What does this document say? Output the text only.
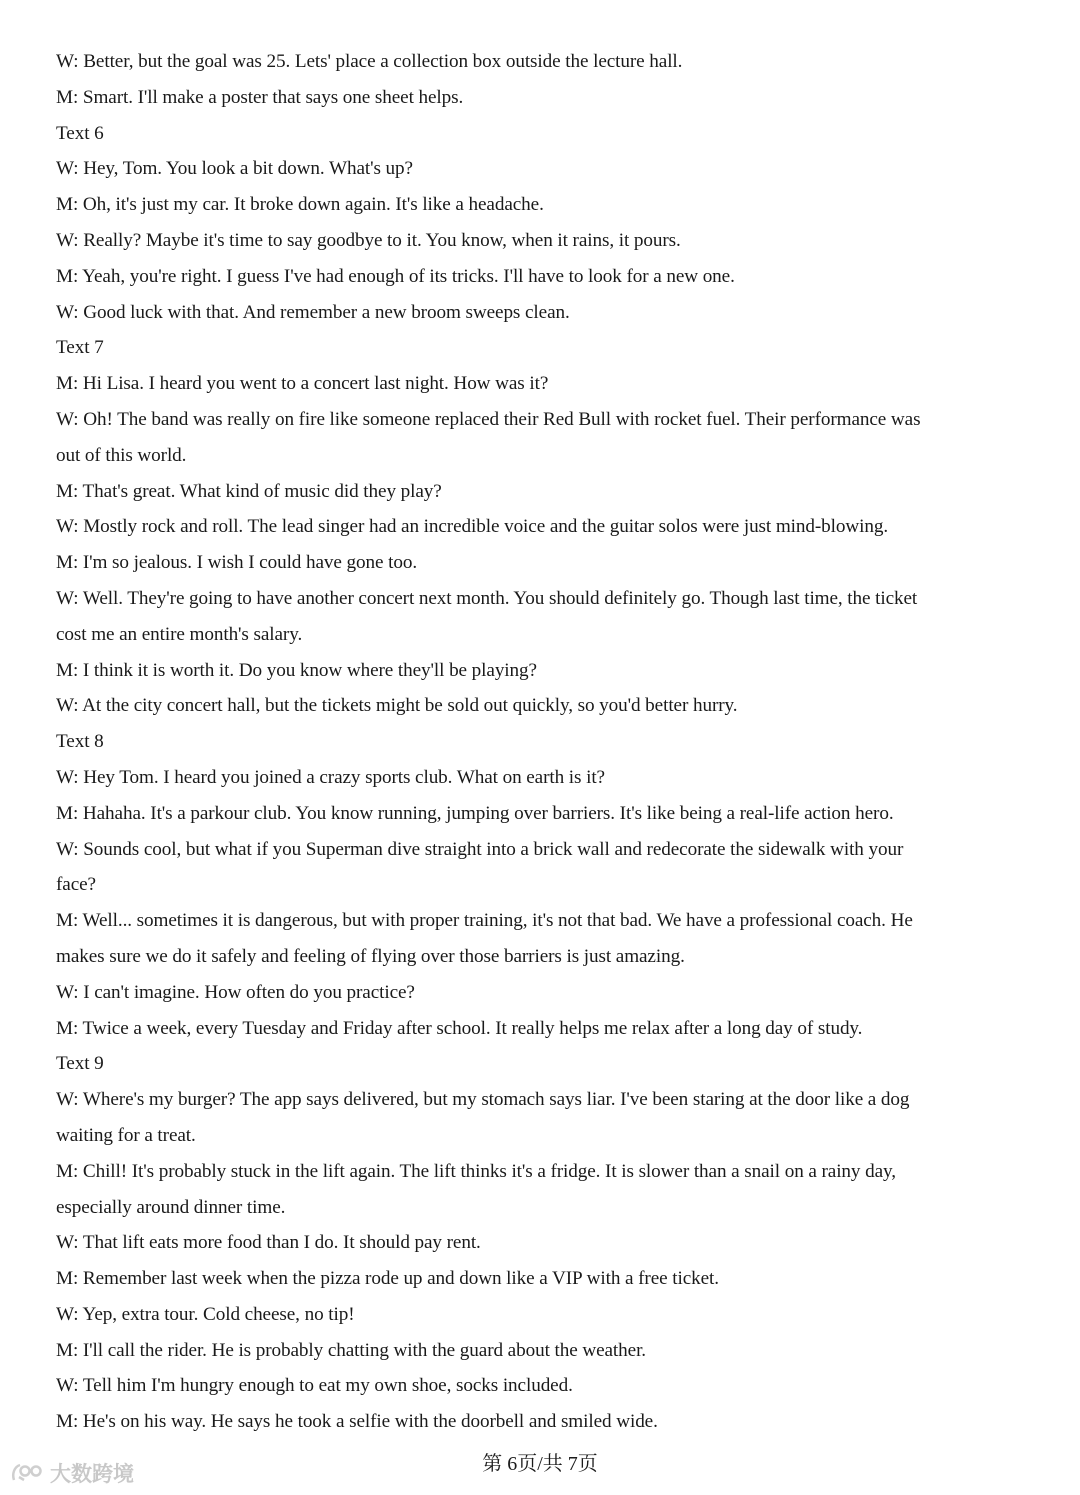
W: Better, but the goal was 25. Lets' place a collection box outside the lecture hall.
M: Smart. I'll make a poster that says one sheet helps.
Text 6
W: Hey, Tom. You look a bit down. What's up?
M: Oh, it's just my car. It broke down again. It's like a headache.
W: Really? Maybe it's time to say goodbye to it. You know, when it rains, it pours.
M: Yeah, you're right. I guess I've had enough of its tricks. I'll have to look for a new one.
W: Good luck with that. And remember a new broom sweeps clean.
Text 7
M: Hi Lisa. I heard you went to a concert last night. How was it?
W: Oh! The band was really on fire like someone replaced their Red Bull with rocket fuel. Their performance was
out of this world.
M: That's great. What kind of music did they play?
W: Mostly rock and roll. The lead singer had an incredible voice and the guitar solos were just mind-blowing.
M: I'm so jealous. I wish I could have gone too.
W: Well. They're going to have another concert next month. You should definitely go. Though last time, the ticket
cost me an entire month's salary.
M: I think it is worth it. Do you know where they'll be playing?
W: At the city concert hall, but the tickets might be sold out quickly, so you'd better hurry.
Text 8
W: Hey Tom. I heard you joined a crazy sports club. What on earth is it?
M: Hahaha. It's a parkour club. You know running, jumping over barriers. It's like being a real-life action hero.
W: Sounds cool, but what if you Superman dive straight into a brick wall and redecorate the sidewalk with your
face?
M: Well... sometimes it is dangerous, but with proper training, it's not that bad. We have a professional coach. He
makes sure we do it safely and feeling of flying over those barriers is just amazing.
W: I can't imagine. How often do you practice?
M: Twice a week, every Tuesday and Friday after school. It really helps me relax after a long day of study.
Text 9
W: Where's my burger? The app says delivered, but my stomach says liar. I've been staring at the door like a dog
waiting for a treat.
M: Chill! It's probably stuck in the lift again. The lift thinks it's a fridge. It is slower than a snail on a rainy day,
especially around dinner time.
W: That lift eats more food than I do. It should pay rent.
M: Remember last week when the pizza rode up and down like a VIP with a free ticket.
W: Yep, extra tour. Cold cheese, no tip!
M: I'll call the rider. He is probably chatting with the guard about the weather.
W: Tell him I'm hungry enough to eat my own shoe, socks included.
M: He's on his way. He says he took a selfie with the doorbell and smiled wide.
第 6页/共 7页
大数跨境
